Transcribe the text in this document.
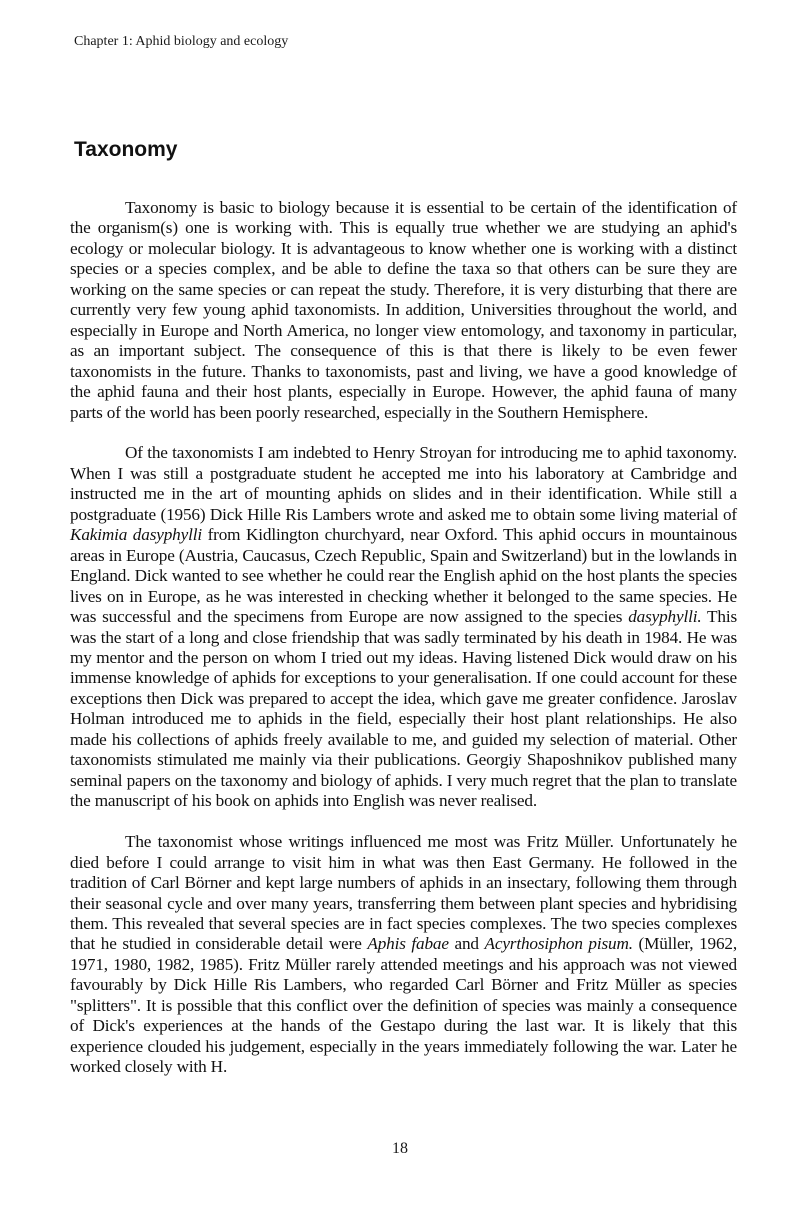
Chapter 1: Aphid biology and ecology
Taxonomy

Taxonomy is basic to biology because it is essential to be certain of the identification of the organism(s) one is working with. This is equally true whether we are studying an aphid's ecology or molecular biology. It is advantageous to know whether one is working with a distinct species or a species complex, and be able to define the taxa so that others can be sure they are working on the same species or can repeat the study. Therefore, it is very disturbing that there are currently very few young aphid taxonomists. In addition, Universities throughout the world, and especially in Europe and North America, no longer view entomology, and taxonomy in particular, as an important subject. The consequence of this is that there is likely to be even fewer taxonomists in the future. Thanks to taxonomists, past and living, we have a good knowledge of the aphid fauna and their host plants, especially in Europe. However, the aphid fauna of many parts of the world has been poorly researched, especially in the Southern Hemisphere.

Of the taxonomists I am indebted to Henry Stroyan for introducing me to aphid taxonomy. When I was still a postgraduate student he accepted me into his laboratory at Cambridge and instructed me in the art of mounting aphids on slides and in their identification. While still a postgraduate (1956) Dick Hille Ris Lambers wrote and asked me to obtain some living material of Kakimia dasyphylli from Kidlington churchyard, near Oxford. This aphid occurs in mountainous areas in Europe (Austria, Caucasus, Czech Republic, Spain and Switzerland) but in the lowlands in England. Dick wanted to see whether he could rear the English aphid on the host plants the species lives on in Europe, as he was interested in checking whether it belonged to the same species. He was successful and the specimens from Europe are now assigned to the species dasyphylli. This was the start of a long and close friendship that was sadly terminated by his death in 1984. He was my mentor and the person on whom I tried out my ideas. Having listened Dick would draw on his immense knowledge of aphids for exceptions to your generalisation. If one could account for these exceptions then Dick was prepared to accept the idea, which gave me greater confidence. Jaroslav Holman introduced me to aphids in the field, especially their host plant relationships. He also made his collections of aphids freely available to me, and guided my selection of material. Other taxonomists stimulated me mainly via their publications. Georgiy Shaposhnikov published many seminal papers on the taxonomy and biology of aphids. I very much regret that the plan to translate the manuscript of his book on aphids into English was never realised.

The taxonomist whose writings influenced me most was Fritz Müller. Unfortunately he died before I could arrange to visit him in what was then East Germany. He followed in the tradition of Carl Börner and kept large numbers of aphids in an insectary, following them through their seasonal cycle and over many years, transferring them between plant species and hybridising them. This revealed that several species are in fact species complexes. The two species complexes that he studied in considerable detail were Aphis fabae and Acyrthosiphon pisum. (Müller, 1962, 1971, 1980, 1982, 1985). Fritz Müller rarely attended meetings and his approach was not viewed favourably by Dick Hille Ris Lambers, who regarded Carl Börner and Fritz Müller as species "splitters". It is possible that this conflict over the definition of species was mainly a consequence of Dick's experiences at the hands of the Gestapo during the last war. It is likely that this experience clouded his judgement, especially in the years immediately following the war. Later he worked closely with H.

18
